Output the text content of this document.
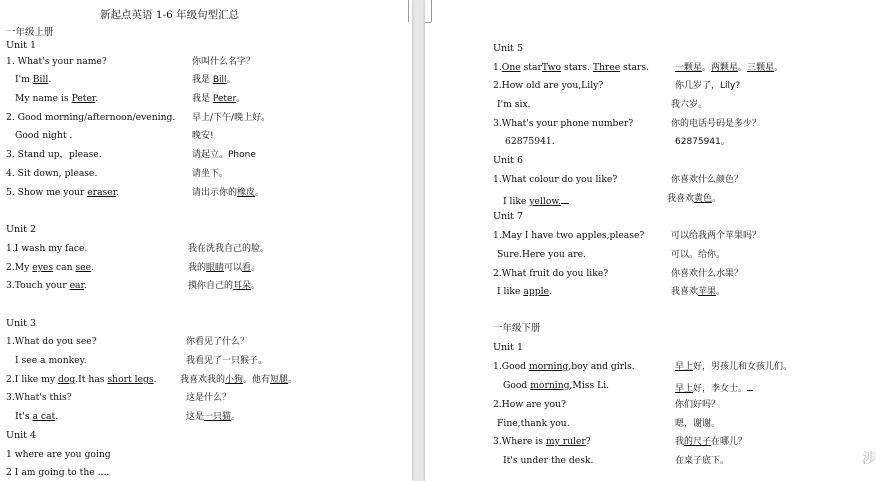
新起点英语 1-6 年级句型汇总
一年级上册
Unit 1
1. What's your name?	你叫什么名字？
I'm Bill.	我是 Bill。
My name is Peter.	我是 Peter。
2. Good morning/afternoon/evening. 早上/下午/晚上好。
Good night .	晚安!
3. Stand up，please.	请起立。Phone
4. Sit down, please.	请坐下。
5. Show me your eraser.	请出示你的橡皮。
Unit 2
1.I wash my face.	我在洗我自己的脸。
2.My eyes can see.	我的眼睛可以看。
3.Touch your ear.	摸你自己的耳朵。
Unit 3
1.What do you see?	你看见了什么？
I see a monkey.	我看见了一只猴子。
2.I like my dog.It has short legs.	我喜欢我的小狗。他有短腿。
3.What's this?	这是什么？
It's a cat.	这是一只猫。
Unit 4
1 where are you going
2 I am going to the ....
Unit 5
1.One starTwo stars. Three stars.	一颗星。两颗星。三颗星。
2.How old are you,Lily?	你几岁了，Lily?
I'm six.	我六岁。
3.What's your phone number?	你的电话号码是多少？
62875941.	62875941。
Unit 6
1.What colour do you like?	你喜欢什么颜色？
I like yellow.	我喜欢黄色。
Unit 7
1.May I have two apples,please?	可以给我两个苹果吗？
Sure.Here you are.	可以。给你。
2.What fruit do you like?	你喜欢什么水果？
I like apple.	我喜欢苹果。
一年级下册
Unit 1
1.Good morning,boy and girls.	早上好，男孩儿和女孩儿们。
Good morning,Miss Li.	早上好，李女士。
2.How are you?	你们好吗？
Fine,thank you.	嗯，谢谢。
3.Where is my ruler?	我的尺子在哪儿？
It's under the desk.	在桌子底下。	涉
